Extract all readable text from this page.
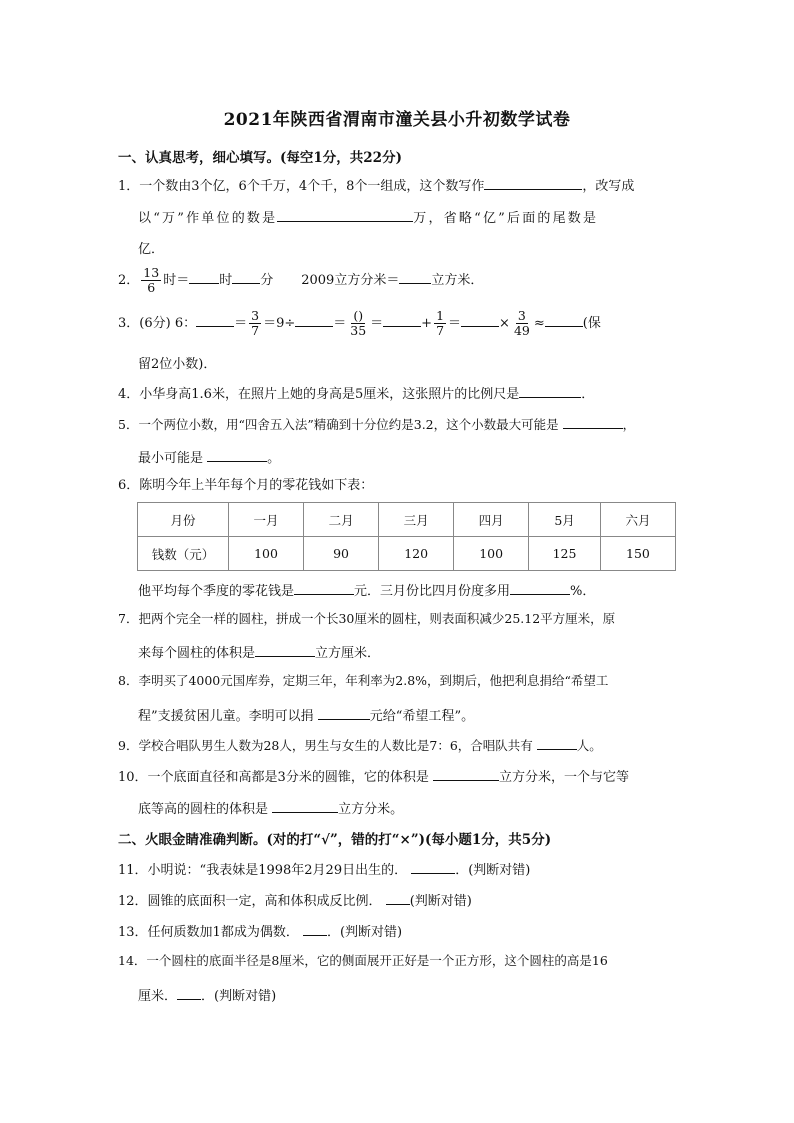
2021年陕西省渭南市潼关县小升初数学试卷
一、认真思考，细心填写。(每空1分，共22分)
1．一个数由3个亿，6个千万，4个千，8个一组成，这个数写作	，改写成
以“万”作单位的数是	万，省略“亿”后面的尾数是
亿．
2． $\frac{13}{6}$ 时＝ 时 分 2009立方分米＝ 立方米．
3．(6分) 6：	＝ $\frac{3}{7} =9\div$	＝ $\frac{()}{35}$ ＝	+ $\frac{1}{7}$ ＝	× $\frac{3}{49}$ ≈	(保
留2位小数)．
4．小华身高1.6米，在照片上她的身高是5厘米，这张照片的比例尺是	．
5．一个两位小数，用“四舍五入法”精确到十分位约是3.2，这个小数最大可能是	，
最小可能是	。
6．陈明今年上半年每个月的零花钱如下表：
月份	一月	二月	三月	四月	5月	六月
钱数（元）	100	90	120	100	125	150
他平均每个季度的零花钱是	元．三月份比四月份度多用	%．
7．把两个完全一样的圆柱，拼成一个长30厘米的圆柱，则表面积减少25.12平方厘米，原
来每个圆柱的体积是	立方厘米．
8．李明买了4000元国库券，定期三年，年利率为2.8%，到期后，他把利息捐给“希望工
程”支援贫困儿童。李明可以捐	元给“希望工程”。
9．学校合唱队男生人数为28人，男生与女生的人数比是7：6，合唱队共有	人。
10．一个底面直径和高都是3分米的圆锥，它的体积是	立方分米，一个与它等
底等高的圆柱的体积是	立方分米。
二、火眼金睛准确判断。(对的打“√”，错的打“×”)(每小题1分，共5分)
11．小明说：“我表妹是1998年2月29日出生的．	．(判断对错)
12．圆锥的底面积一定，高和体积成反比例． (判断对错)
13．任何质数加1都成为偶数． ．(判断对错)
14．一个圆柱的底面半径是8厘米，它的侧面展开正好是一个正方形，这个圆柱的高是16
厘米． ．(判断对错)
